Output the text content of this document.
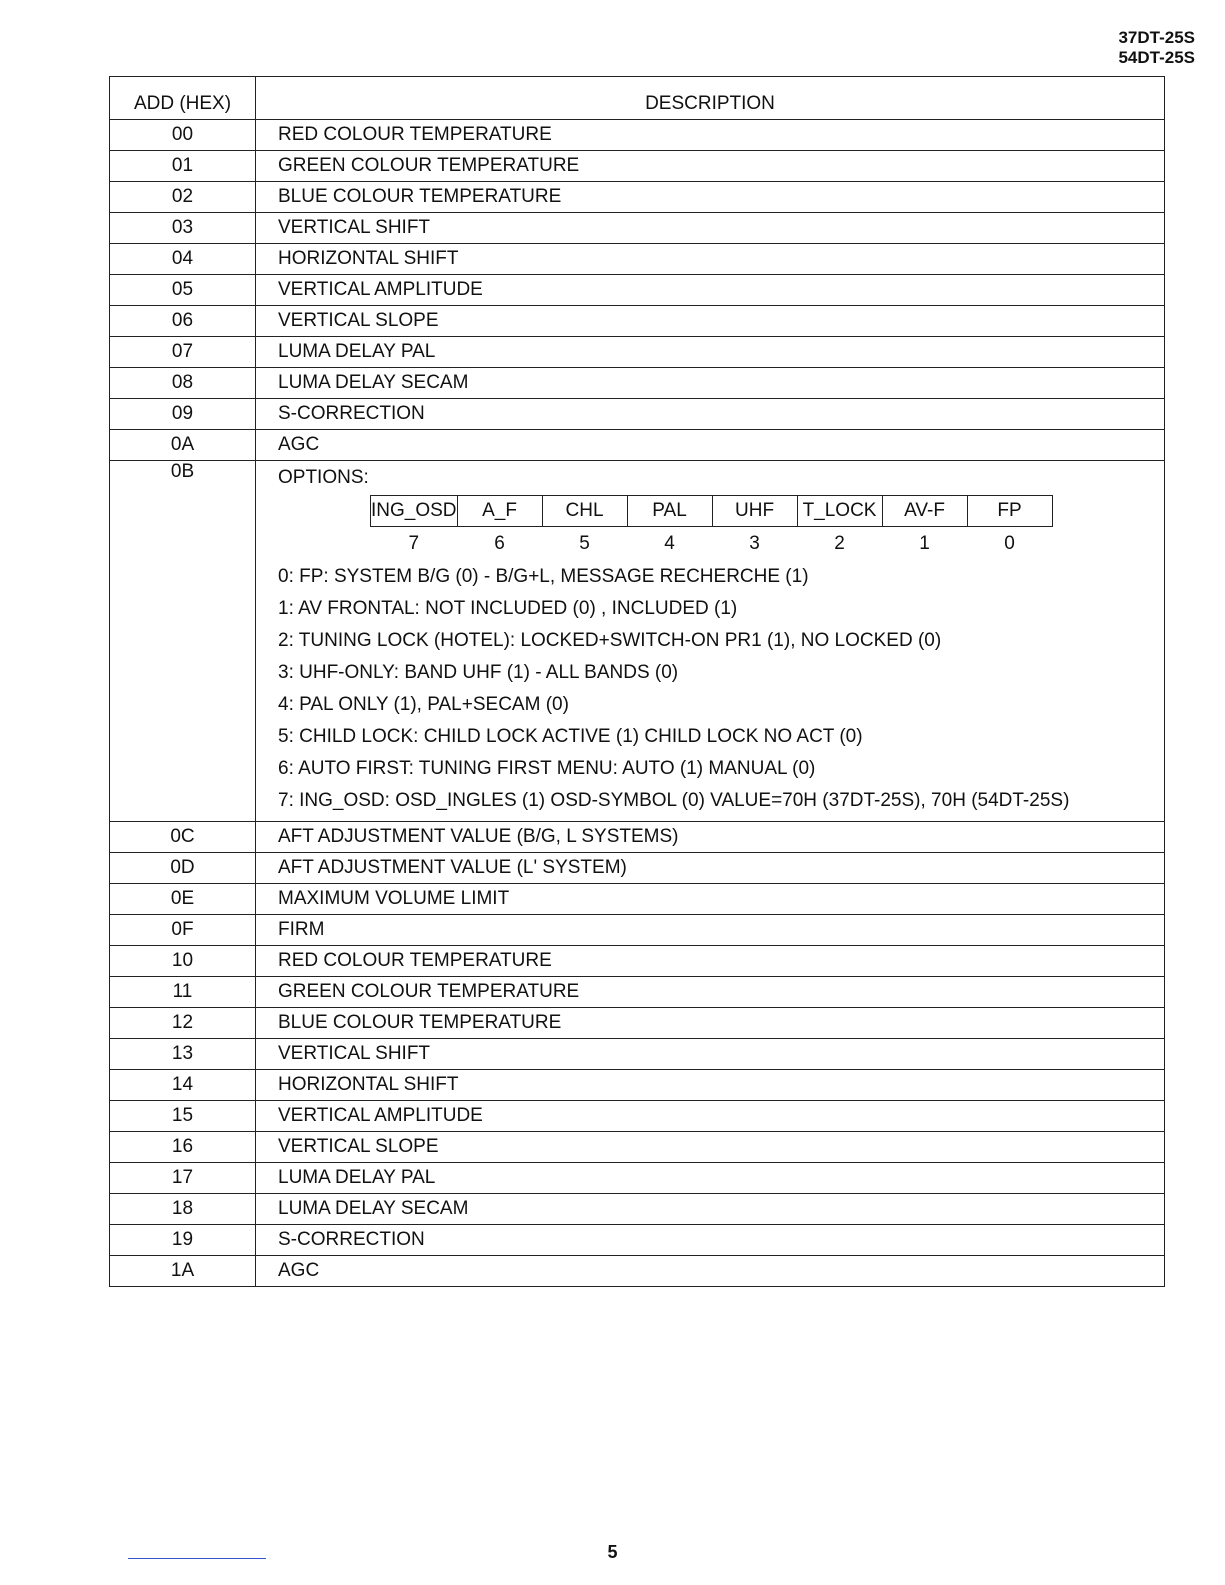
37DT-25S
54DT-25S
ADD (HEX)	DESCRIPTION
00	RED COLOUR TEMPERATURE
01	GREEN COLOUR TEMPERATURE
02	BLUE COLOUR TEMPERATURE
03	VERTICAL SHIFT
04	HORIZONTAL SHIFT
05	VERTICAL AMPLITUDE
06	VERTICAL SLOPE
07	LUMA DELAY PAL
08	LUMA DELAY SECAM
09	S-CORRECTION
0A	AGC
0B	OPTIONS:
ING_OSD	A_F	CHL	PAL	UHF	T_LOCK	AV-F	FP
7	6	5	4	3	2	1	0
0: FP: SYSTEM B/G (0) - B/G+L, MESSAGE RECHERCHE (1)
1: AV FRONTAL: NOT INCLUDED (0) , INCLUDED (1)
2: TUNING LOCK (HOTEL): LOCKED+SWITCH-ON PR1 (1), NO LOCKED (0)
3: UHF-ONLY: BAND UHF (1) - ALL BANDS (0)
4: PAL ONLY (1), PAL+SECAM (0)
5: CHILD LOCK: CHILD LOCK ACTIVE (1) CHILD LOCK NO ACT (0)
6: AUTO FIRST: TUNING FIRST MENU: AUTO (1) MANUAL (0)
7: ING_OSD: OSD_INGLES (1) OSD-SYMBOL (0) VALUE=70H (37DT-25S), 70H (54DT-25S)

0C	AFT ADJUSTMENT VALUE (B/G, L SYSTEMS)
0D	AFT ADJUSTMENT VALUE (L' SYSTEM)
0E	MAXIMUM VOLUME LIMIT
0F	FIRM
10	RED COLOUR TEMPERATURE
11	GREEN COLOUR TEMPERATURE
12	BLUE COLOUR TEMPERATURE
13	VERTICAL SHIFT
14	HORIZONTAL SHIFT
15	VERTICAL AMPLITUDE
16	VERTICAL SLOPE
17	LUMA DELAY PAL
18	LUMA DELAY SECAM
19	S-CORRECTION
1A	AGC
5
